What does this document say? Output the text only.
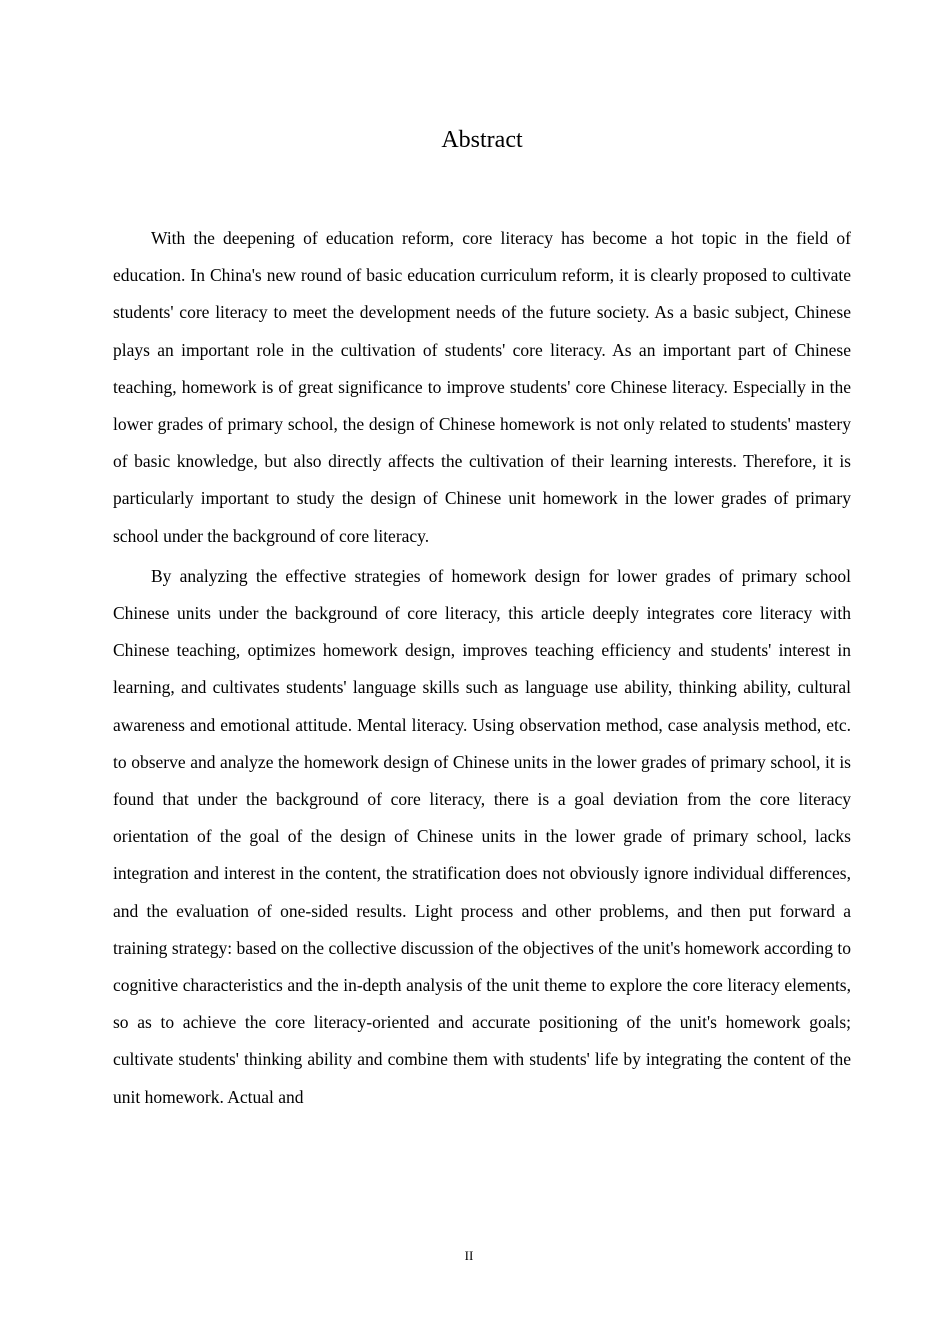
Abstract

With the deepening of education reform, core literacy has become a hot topic in the field of education. In China's new round of basic education curriculum reform, it is clearly proposed to cultivate students' core literacy to meet the development needs of the future society. As a basic subject, Chinese plays an important role in the cultivation of students' core literacy. As an important part of Chinese teaching, homework is of great significance to improve students' core Chinese literacy. Especially in the lower grades of primary school, the design of Chinese homework is not only related to students' mastery of basic knowledge, but also directly affects the cultivation of their learning interests. Therefore, it is particularly important to study the design of Chinese unit homework in the lower grades of primary school under the background of core literacy.

By analyzing the effective strategies of homework design for lower grades of primary school Chinese units under the background of core literacy, this article deeply integrates core literacy with Chinese teaching, optimizes homework design, improves teaching efficiency and students' interest in learning, and cultivates students' language skills such as language use ability, thinking ability, cultural awareness and emotional attitude. Mental literacy. Using observation method, case analysis method, etc. to observe and analyze the homework design of Chinese units in the lower grades of primary school, it is found that under the background of core literacy, there is a goal deviation from the core literacy orientation of the goal of the design of Chinese units in the lower grade of primary school, lacks integration and interest in the content, the stratification does not obviously ignore individual differences, and the evaluation of one-sided results. Light process and other problems, and then put forward a training strategy: based on the collective discussion of the objectives of the unit's homework according to cognitive characteristics and the in-depth analysis of the unit theme to explore the core literacy elements, so as to achieve the core literacy-oriented and accurate positioning of the unit's homework goals; cultivate students' thinking ability and combine them with students' life by integrating the content of the unit homework. Actual and

II
